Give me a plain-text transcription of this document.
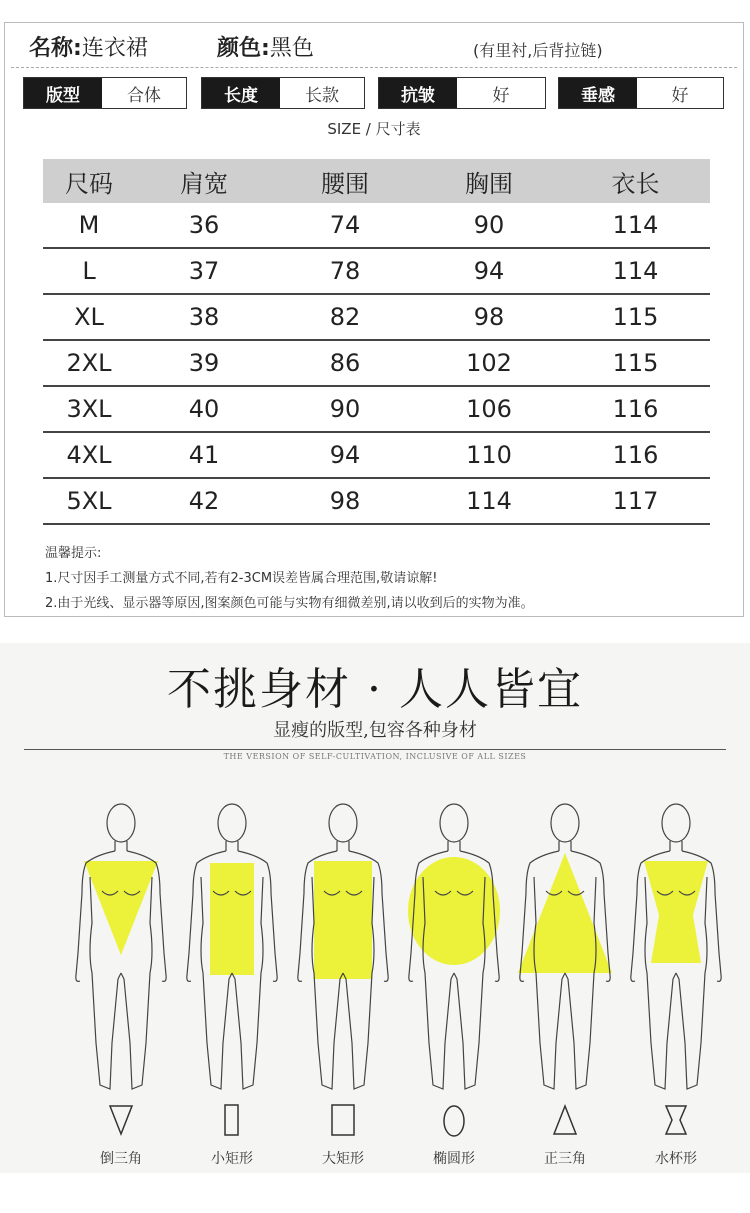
名称:连衣裙	颜色:黑色	(有里衬,后背拉链)
版型	合体	长度	长款	抗皱	好	垂感	好
SIZE / 尺寸表
尺码	肩宽	腰围	胸围	衣长
M	36	74	90	114
L	37	78	94	114
XL	38	82	98	115
2XL	39	86	102	115
3XL	40	90	106	116
4XL	41	94	110	116
5XL	42	98	114	117
温馨提示:
1.尺寸因手工测量方式不同,若有2-3CM误差皆属合理范围,敬请谅解!
2.由于光线、显示器等原因,图案颜色可能与实物有细微差别,请以收到后的实物为准。
不挑身材 · 人人皆宜
显瘦的版型,包容各种身材
THE VERSION OF SELF-CULTIVATION, INCLUSIVE OF ALL SIZES
倒三角	小矩形	大矩形	椭圆形	正三角	水杯形
